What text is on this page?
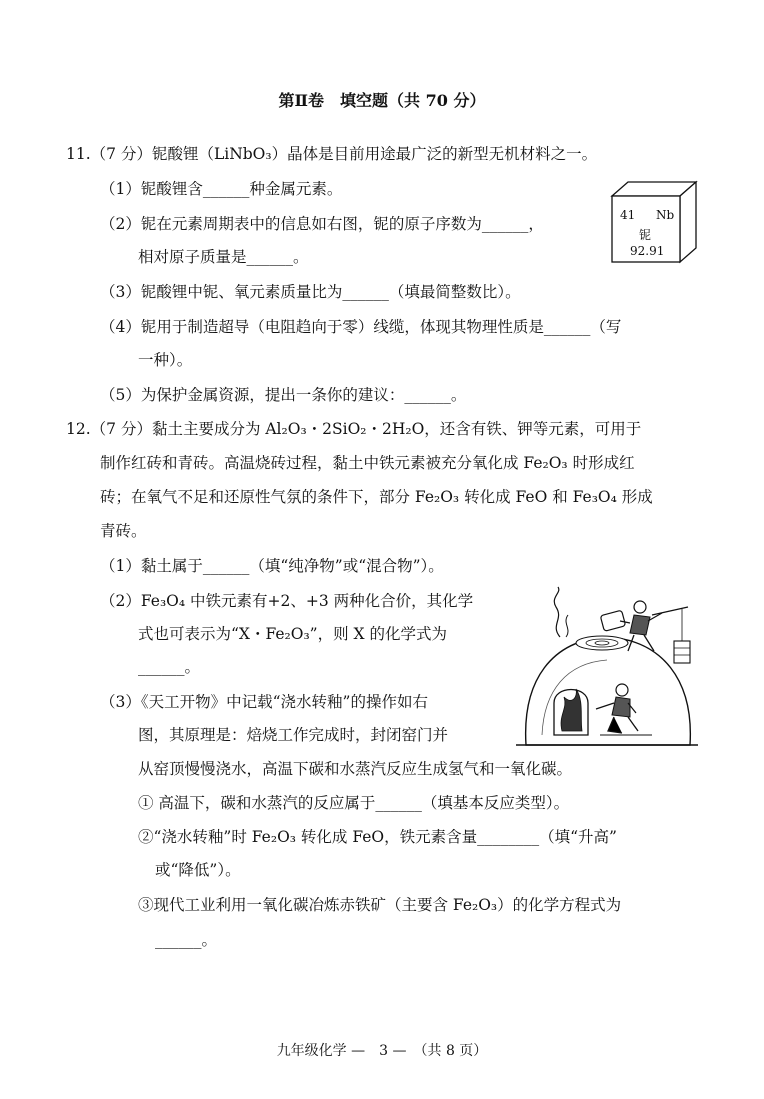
第Ⅱ卷　填空题（共 70 分）
11.（7 分）铌酸锂（LiNbO₃）晶体是目前用途最广泛的新型无机材料之一。
（1）铌酸锂含______种金属元素。
（2）铌在元素周期表中的信息如右图，铌的原子序数为______，
相对原子质量是______。
（3）铌酸锂中铌、氧元素质量比为______（填最简整数比）。
（4）铌用于制造超导（电阻趋向于零）线缆，体现其物理性质是______（写
一种）。
（5）为保护金属资源，提出一条你的建议：______。
41 Nb
铌
92.91
12.（7 分）黏土主要成分为 Al₂O₃・2SiO₂・2H₂O，还含有铁、钾等元素，可用于
制作红砖和青砖。高温烧砖过程，黏土中铁元素被充分氧化成 Fe₂O₃ 时形成红
砖；在氧气不足和还原性气氛的条件下，部分 Fe₂O₃ 转化成 FeO 和 Fe₃O₄ 形成
青砖。
（1）黏土属于______（填“纯净物”或“混合物”）。
（2）Fe₃O₄ 中铁元素有+2、+3 两种化合价，其化学
式也可表示为“X・Fe₂O₃”，则 X 的化学式为
______。
（3）《天工开物》中记载“浇水转釉”的操作如右
图，其原理是：焙烧工作完成时，封闭窑门并
从窑顶慢慢浇水，高温下碳和水蒸汽反应生成氢气和一氧化碳。
① 高温下，碳和水蒸汽的反应属于______（填基本反应类型）。
②“浇水转釉”时 Fe₂O₃ 转化成 FeO，铁元素含量________（填“升高”
或“降低”）。
③现代工业利用一氧化碳冶炼赤铁矿（主要含 Fe₂O₃）的化学方程式为
______。
九年级化学 —　3 —　（共 8 页）
